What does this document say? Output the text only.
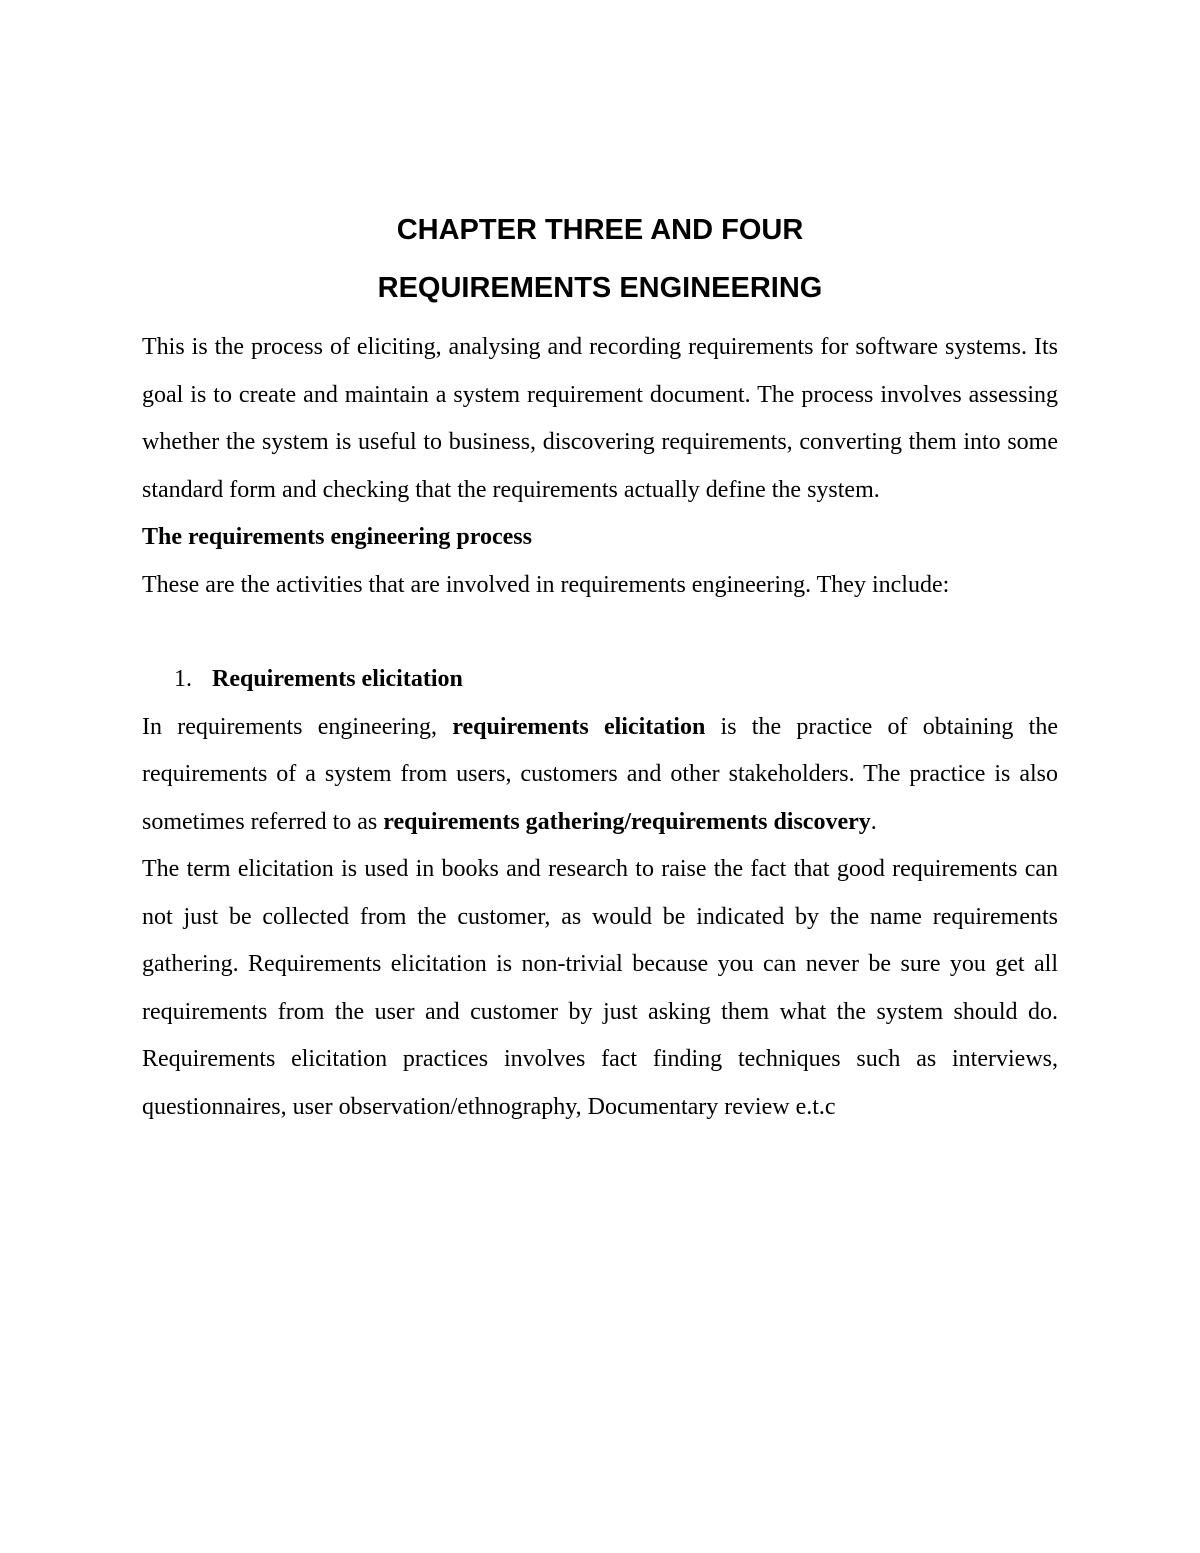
CHAPTER THREE AND FOUR
REQUIREMENTS ENGINEERING

This is the process of eliciting, analysing and recording requirements for software systems. Its goal is to create and maintain a system requirement document. The process involves assessing whether the system is useful to business, discovering requirements, converting them into some standard form and checking that the requirements actually define the system.

The requirements engineering process

These are the activities that are involved in requirements engineering. They include:

1. Requirements elicitation

In requirements engineering, requirements elicitation is the practice of obtaining the requirements of a system from users, customers and other stakeholders. The practice is also sometimes referred to as requirements gathering/requirements discovery.

The term elicitation is used in books and research to raise the fact that good requirements can not just be collected from the customer, as would be indicated by the name requirements gathering. Requirements elicitation is non-trivial because you can never be sure you get all requirements from the user and customer by just asking them what the system should do. Requirements elicitation practices involves fact finding techniques such as interviews, questionnaires, user observation/ethnography, Documentary review e.t.c
